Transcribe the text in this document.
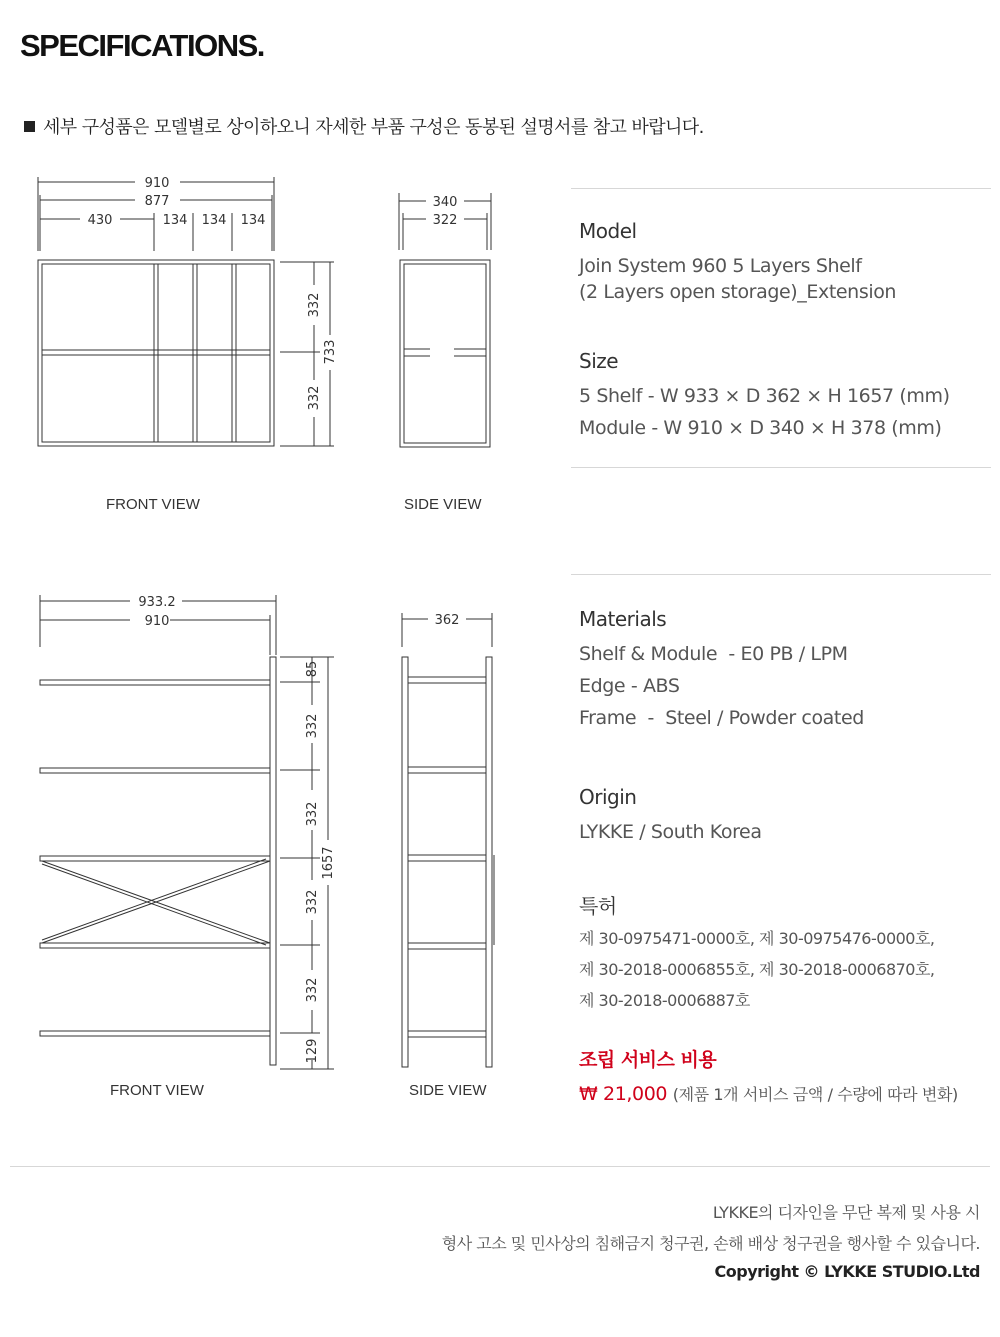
SPECIFICATIONS.
세부 구성품은 모델별로 상이하오니 자세한 부품 구성은 동봉된 설명서를 참고 바랍니다.
910
877
430	134 134 134
332
332
733
FRONT VIEW
340
322
SIDE VIEW
933.2
910
85
332
332
332
332
129
1657
FRONT VIEW
362
SIDE VIEW
Model

Join System 960 5 Layers Shelf

(2 Layers open storage)_Extension

Size

5 Shelf - W 933 × D 362 × H 1657 (mm)

Module - W 910 × D 340 × H 378 (mm)

Materials

Shelf & Module  - E0 PB / LPM

Edge - ABS

Frame  -  Steel / Powder coated

Origin

LYKKE / South Korea

특허
제 30-0975471-0000호, 제 30-0975476-0000호,
제 30-2018-0006855호, 제 30-2018-0006870호,
제 30-2018-0006887호
조립 서비스 비용

₩ 21,000 (제품 1개 서비스 금액 / 수량에 따라 변화)

LYKKE의 디자인을 무단 복제 및 사용 시
형사 고소 및 민사상의 침해금지 청구권, 손해 배상 청구권을 행사할 수 있습니다.
Copyright © LYKKE STUDIO.Ltd
